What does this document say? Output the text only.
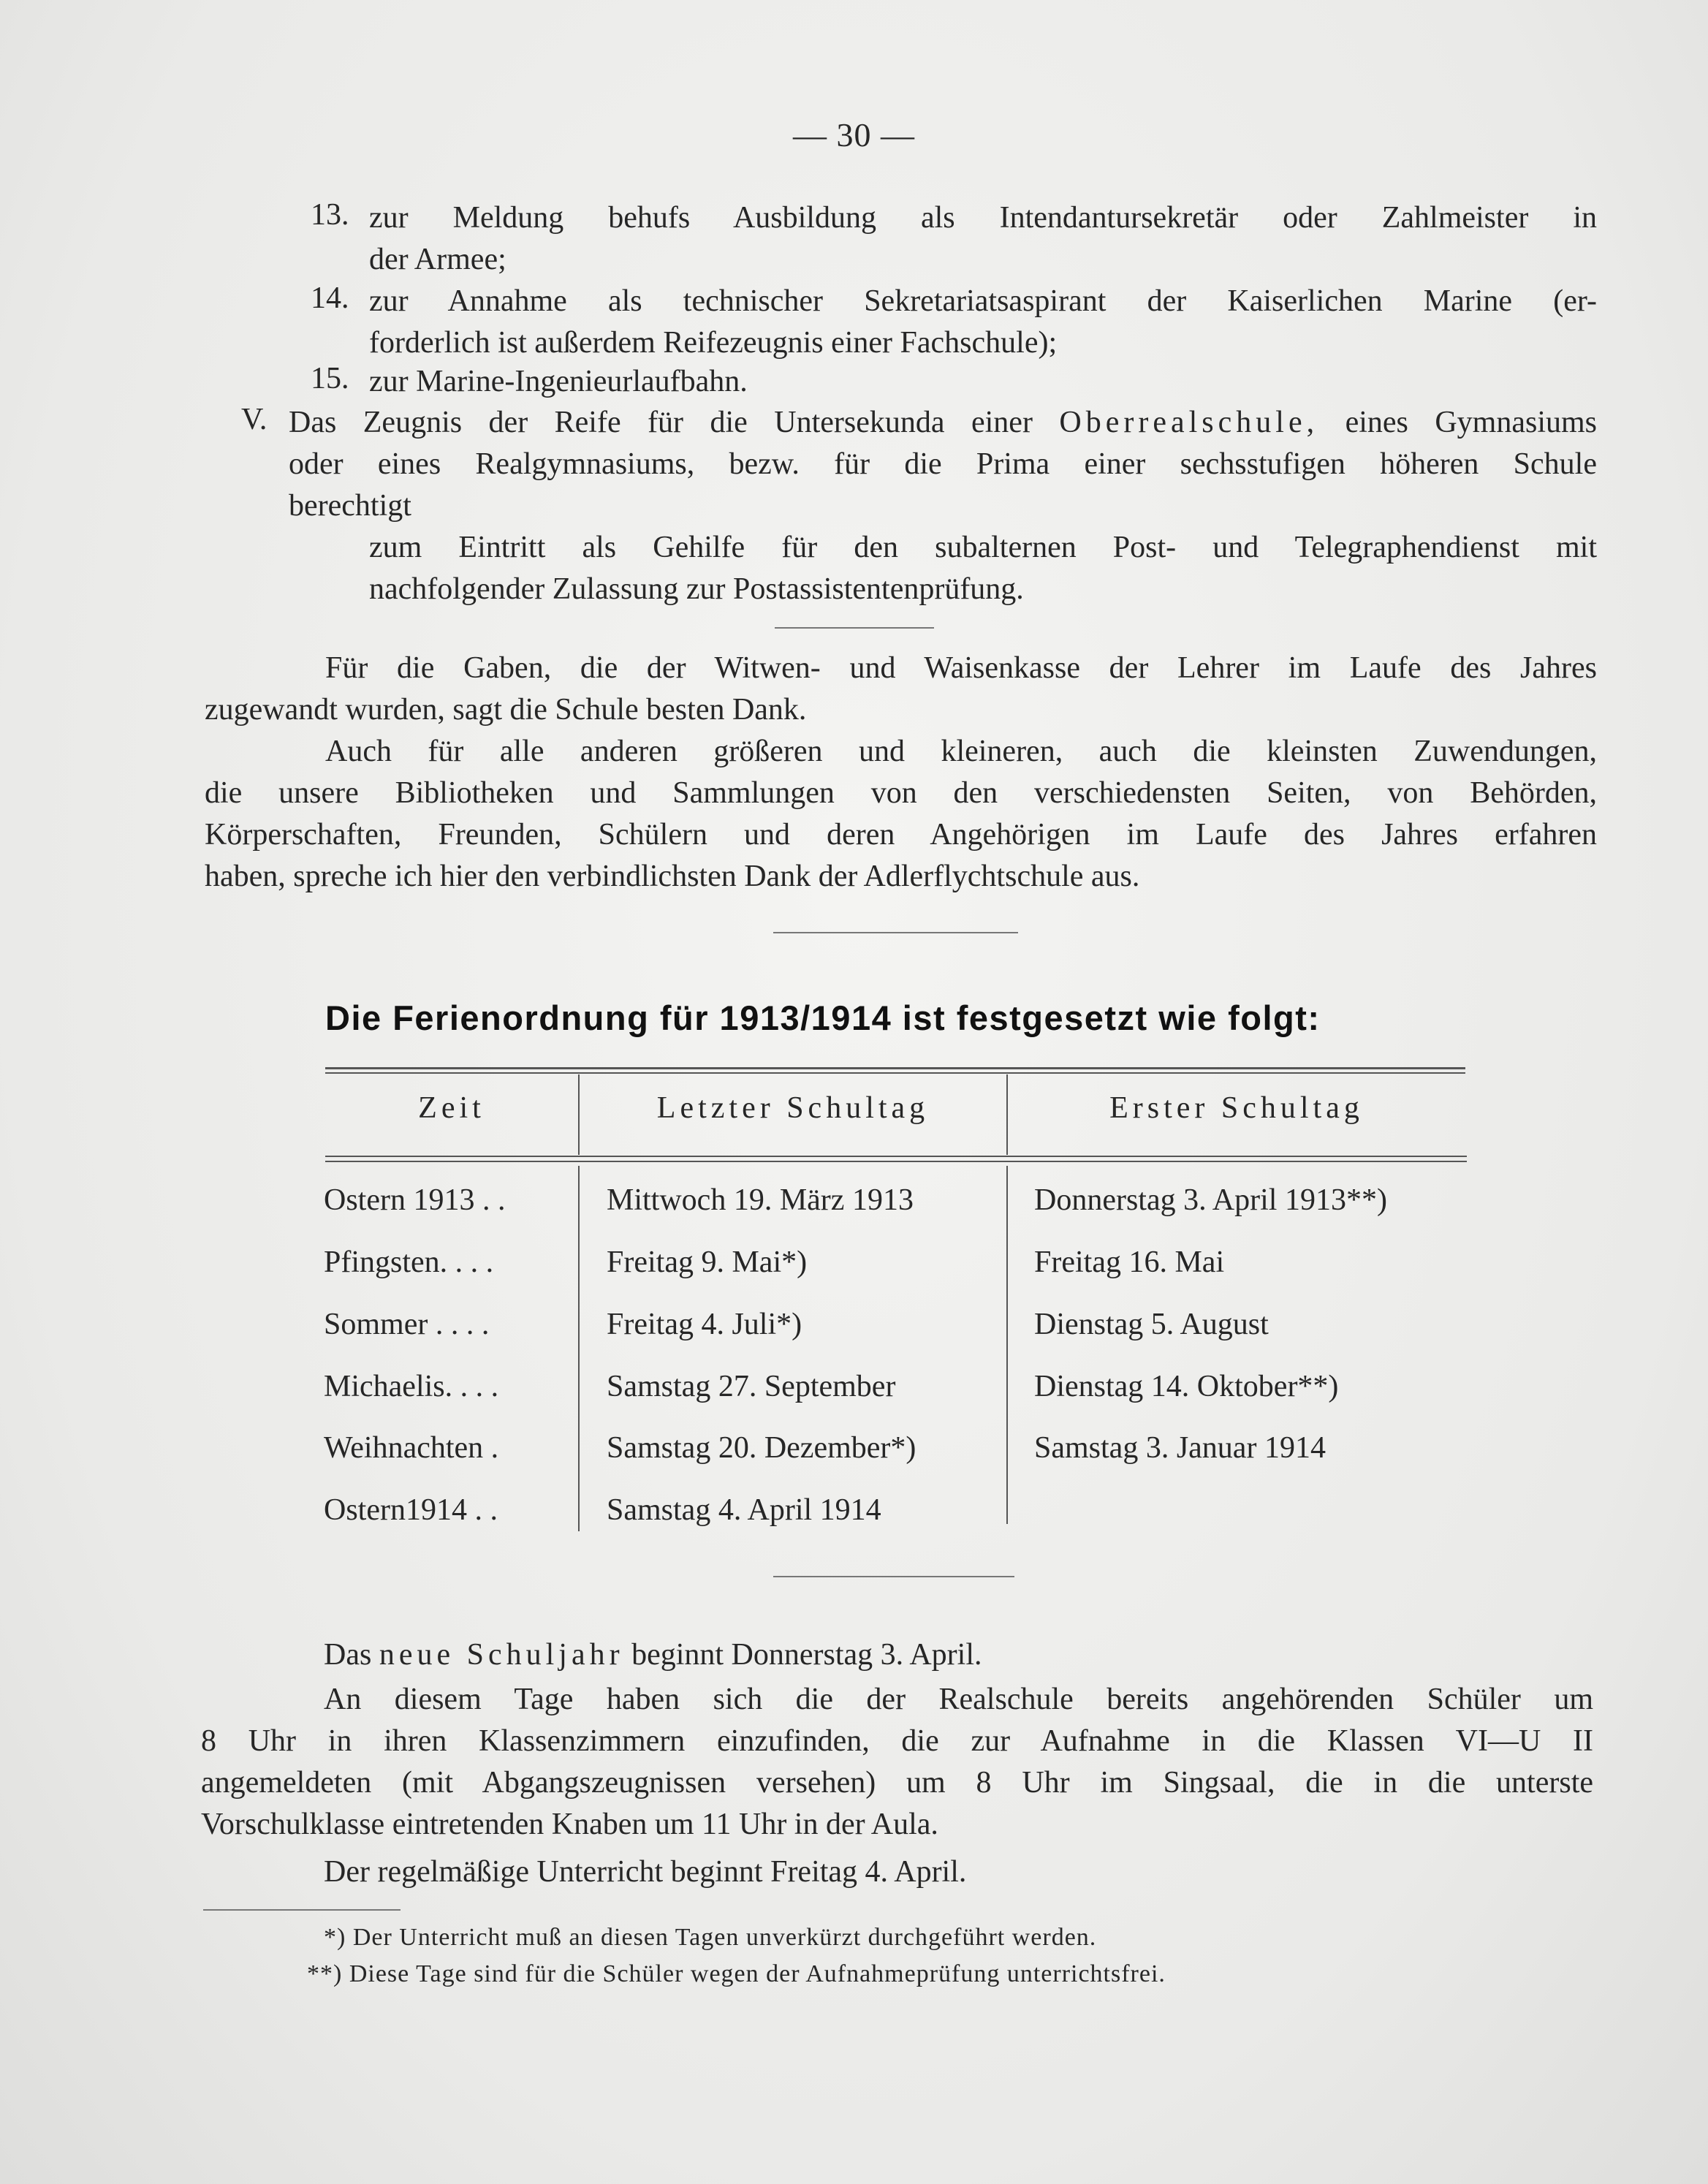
— 30 —
13. zur Meldung behufs Ausbildung als Intendantursekretär oder Zahlmeister in
der Armee;
14. zur Annahme als technischer Sekretariatsaspirant der Kaiserlichen Marine (er-
forderlich ist außerdem Reifezeugnis einer Fachschule);
15. zur Marine-Ingenieurlaufbahn.
V. Das Zeugnis der Reife für die Untersekunda einer Oberrealschule, eines Gymnasiums
oder eines Realgymnasiums, bezw. für die Prima einer sechsstufigen höheren Schule
berechtigt
zum Eintritt als Gehilfe für den subalternen Post- und Telegraphendienst mit
nachfolgender Zulassung zur Postassistentenprüfung.
Für die Gaben, die der Witwen- und Waisenkasse der Lehrer im Laufe des Jahres
zugewandt wurden, sagt die Schule besten Dank.
Auch für alle anderen größeren und kleineren, auch die kleinsten Zuwendungen,
die unsere Bibliotheken und Sammlungen von den verschiedensten Seiten, von Behörden,
Körperschaften, Freunden, Schülern und deren Angehörigen im Laufe des Jahres erfahren
haben, spreche ich hier den verbindlichsten Dank der Adlerflychtschule aus.
Die Ferienordnung für 1913/1914 ist festgesetzt wie folgt:
Zeit	Letzter Schultag	Erster Schultag
Ostern 1913 . .	Mittwoch 19. März 1913	Donnerstag 3. April 1913**)
Pfingsten. . . .	Freitag 9. Mai*)	Freitag 16. Mai
Sommer . . . .	Freitag 4. Juli*)	Dienstag 5. August
Michaelis. . . .	Samstag 27. September	Dienstag 14. Oktober**)
Weihnachten .	Samstag 20. Dezember*)	Samstag 3. Januar 1914
Ostern1914 . .	Samstag 4. April 1914
Das neue Schuljahr beginnt Donnerstag 3. April.
An diesem Tage haben sich die der Realschule bereits angehörenden Schüler um
8 Uhr in ihren Klassenzimmern einzufinden, die zur Aufnahme in die Klassen VI—U II
angemeldeten (mit Abgangszeugnissen versehen) um 8 Uhr im Singsaal, die in die unterste
Vorschulklasse eintretenden Knaben um 11 Uhr in der Aula.
Der regelmäßige Unterricht beginnt Freitag 4. April.
*) Der Unterricht muß an diesen Tagen unverkürzt durchgeführt werden.
**) Diese Tage sind für die Schüler wegen der Aufnahmeprüfung unterrichtsfrei.
